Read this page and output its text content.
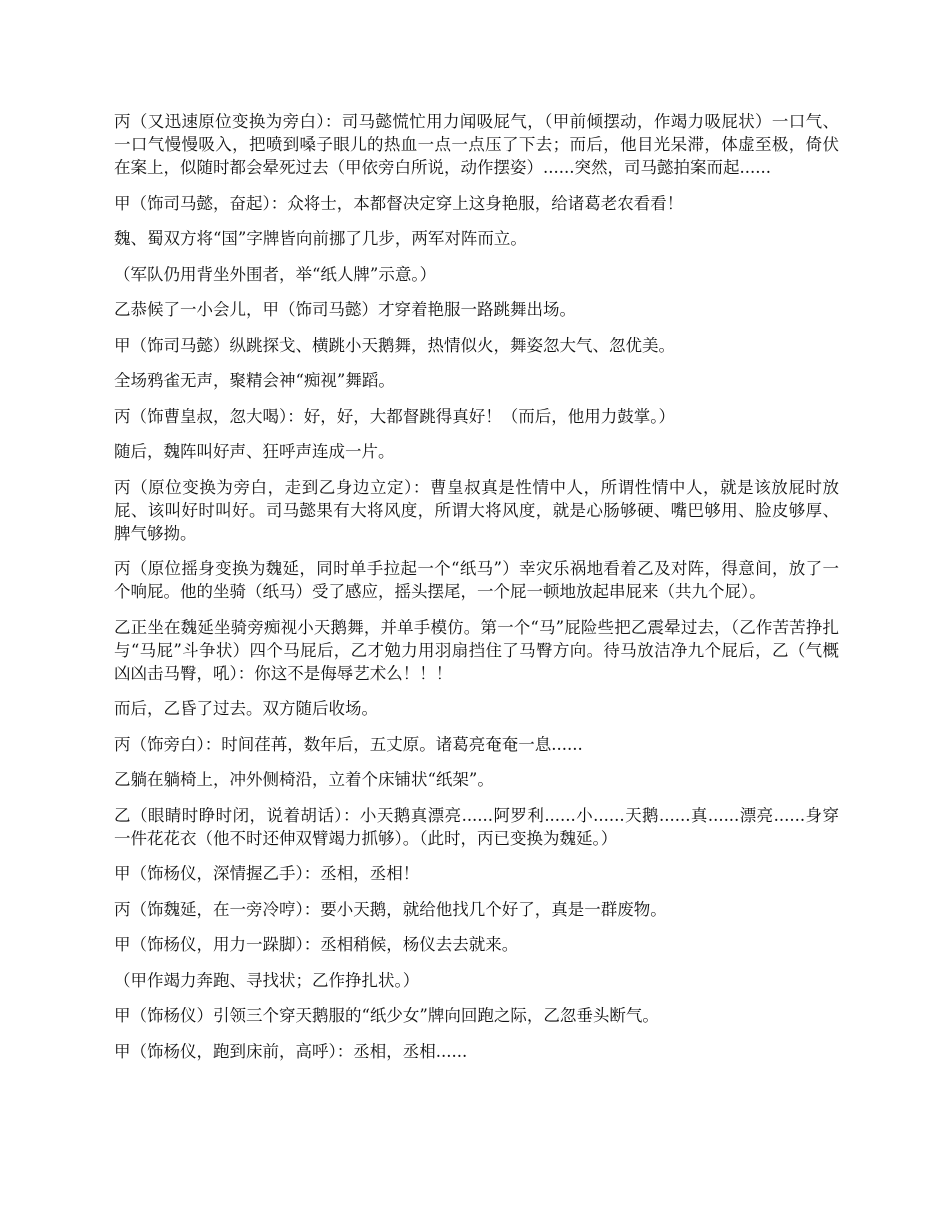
丙（又迅速原位变换为旁白）：司马懿慌忙用力闻吸屁气，（甲前倾摆动，作竭力吸屁状）一口气、一口气慢慢吸入，把喷到嗓子眼儿的热血一点一点压了下去；而后，他目光呆滞，体虚至极，倚伏在案上，似随时都会晕死过去（甲依旁白所说，动作摆姿）......突然，司马懿拍案而起......

甲（饰司马懿，奋起）：众将士，本都督决定穿上这身艳服，给诸葛老农看看！

魏、蜀双方将“国”字牌皆向前挪了几步，两军对阵而立。

（军队仍用背坐外围者，举“纸人牌”示意。）

乙恭候了一小会儿，甲（饰司马懿）才穿着艳服一路跳舞出场。

甲（饰司马懿）纵跳探戈、横跳小天鹅舞，热情似火，舞姿忽大气、忽优美。

全场鸦雀无声，聚精会神“痴视”舞蹈。

丙（饰曹皇叔，忽大喝）：好，好，大都督跳得真好！（而后，他用力鼓掌。）

随后，魏阵叫好声、狂呼声连成一片。

丙（原位变换为旁白，走到乙身边立定）：曹皇叔真是性情中人，所谓性情中人，就是该放屁时放屁、该叫好时叫好。司马懿果有大将风度，所谓大将风度，就是心肠够硬、嘴巴够用、脸皮够厚、脾气够拗。

丙（原位摇身变换为魏延，同时单手拉起一个“纸马”）幸灾乐祸地看着乙及对阵，得意间，放了一个响屁。他的坐骑（纸马）受了感应，摇头摆尾，一个屁一顿地放起串屁来（共九个屁）。

乙正坐在魏延坐骑旁痴视小天鹅舞，并单手模仿。第一个“马”屁险些把乙震晕过去，（乙作苦苦挣扎与“马屁”斗争状）四个马屁后，乙才勉力用羽扇挡住了马臀方向。待马放洁净九个屁后，乙（气概凶凶击马臀，吼）：你这不是侮辱艺术么！！！

而后，乙昏了过去。双方随后收场。

丙（饰旁白）：时间荏苒，数年后，五丈原。诸葛亮奄奄一息......

乙躺在躺椅上，冲外侧椅沿，立着个床铺状“纸架”。

乙（眼睛时睁时闭，说着胡话）：小天鹅真漂亮......阿罗利......小......天鹅......真......漂亮......身穿一件花花衣（他不时还伸双臂竭力抓够）。（此时，丙已变换为魏延。）

甲（饰杨仪，深情握乙手）：丞相，丞相！

丙（饰魏延，在一旁冷哼）：要小天鹅，就给他找几个好了，真是一群废物。

甲（饰杨仪，用力一跺脚）：丞相稍候，杨仪去去就来。

（甲作竭力奔跑、寻找状；乙作挣扎状。）

甲（饰杨仪）引领三个穿天鹅服的“纸少女”牌向回跑之际，乙忽垂头断气。

甲（饰杨仪，跑到床前，高呼）：丞相，丞相......
